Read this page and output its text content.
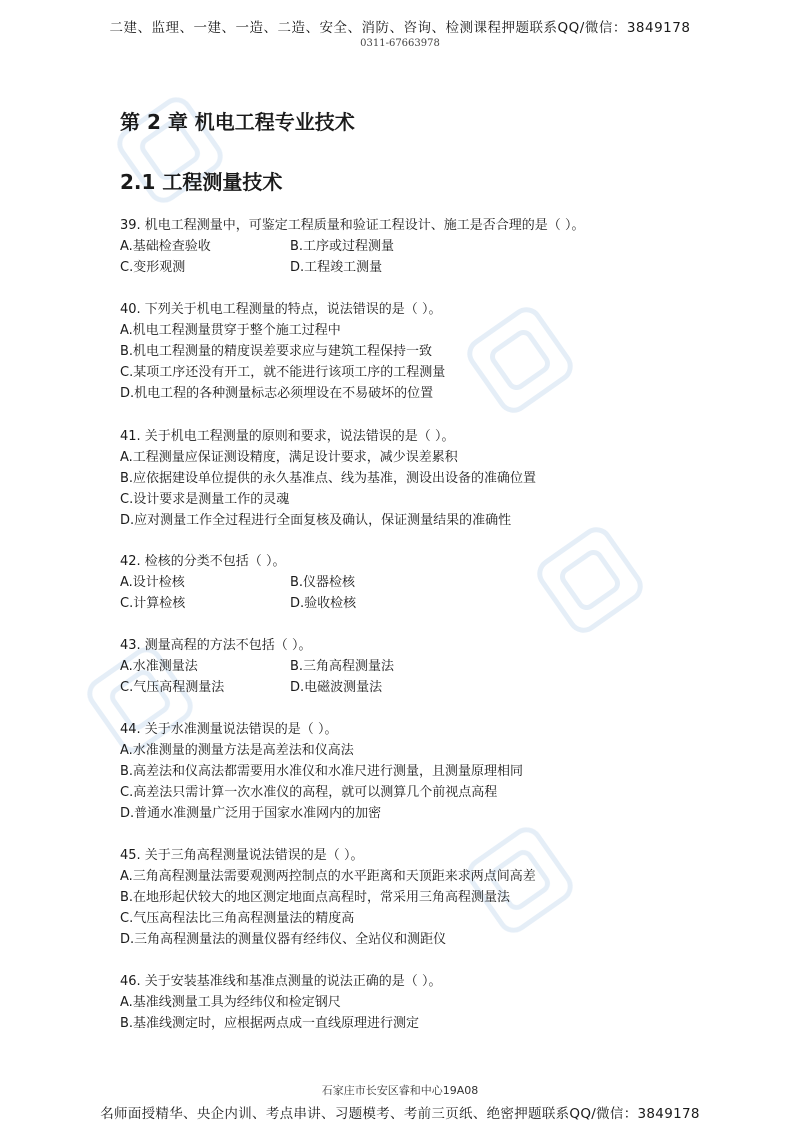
二建、监理、一建、一造、二造、安全、消防、咨询、检测课程押题联系QQ/微信：3849178
0311-67663978
第 2 章 机电工程专业技术
2.1 工程测量技术
39. 机电工程测量中，可鉴定工程质量和验证工程设计、施工是否合理的是（ ）。
A.基础检查验收	B.工序或过程测量
C.变形观测	D.工程竣工测量
40. 下列关于机电工程测量的特点，说法错误的是（ ）。
A.机电工程测量贯穿于整个施工过程中
B.机电工程测量的精度误差要求应与建筑工程保持一致
C.某项工序还没有开工，就不能进行该项工序的工程测量
D.机电工程的各种测量标志必须埋设在不易破坏的位置
41. 关于机电工程测量的原则和要求，说法错误的是（ ）。
A.工程测量应保证测设精度，满足设计要求，减少误差累积
B.应依据建设单位提供的永久基准点、线为基准，测设出设备的准确位置
C.设计要求是测量工作的灵魂
D.应对测量工作全过程进行全面复核及确认，保证测量结果的准确性
42. 检核的分类不包括（ ）。
A.设计检核	B.仪器检核
C.计算检核	D.验收检核
43. 测量高程的方法不包括（ ）。
A.水准测量法	B.三角高程测量法
C.气压高程测量法	D.电磁波测量法
44. 关于水准测量说法错误的是（ ）。
A.水准测量的测量方法是高差法和仪高法
B.高差法和仪高法都需要用水准仪和水准尺进行测量，且测量原理相同
C.高差法只需计算一次水准仪的高程，就可以测算几个前视点高程
D.普通水准测量广泛用于国家水准网内的加密
45. 关于三角高程测量说法错误的是（ ）。
A.三角高程测量法需要观测两控制点的水平距离和天顶距来求两点间高差
B.在地形起伏较大的地区测定地面点高程时，常采用三角高程测量法
C.气压高程法比三角高程测量法的精度高
D.三角高程测量法的测量仪器有经纬仪、全站仪和测距仪
46. 关于安装基准线和基准点测量的说法正确的是（ ）。
A.基准线测量工具为经纬仪和检定钢尺
B.基准线测定时，应根据两点成一直线原理进行测定
石家庄市长安区睿和中心19A08
名师面授精华、央企内训、考点串讲、习题模考、考前三页纸、绝密押题联系QQ/微信：3849178
